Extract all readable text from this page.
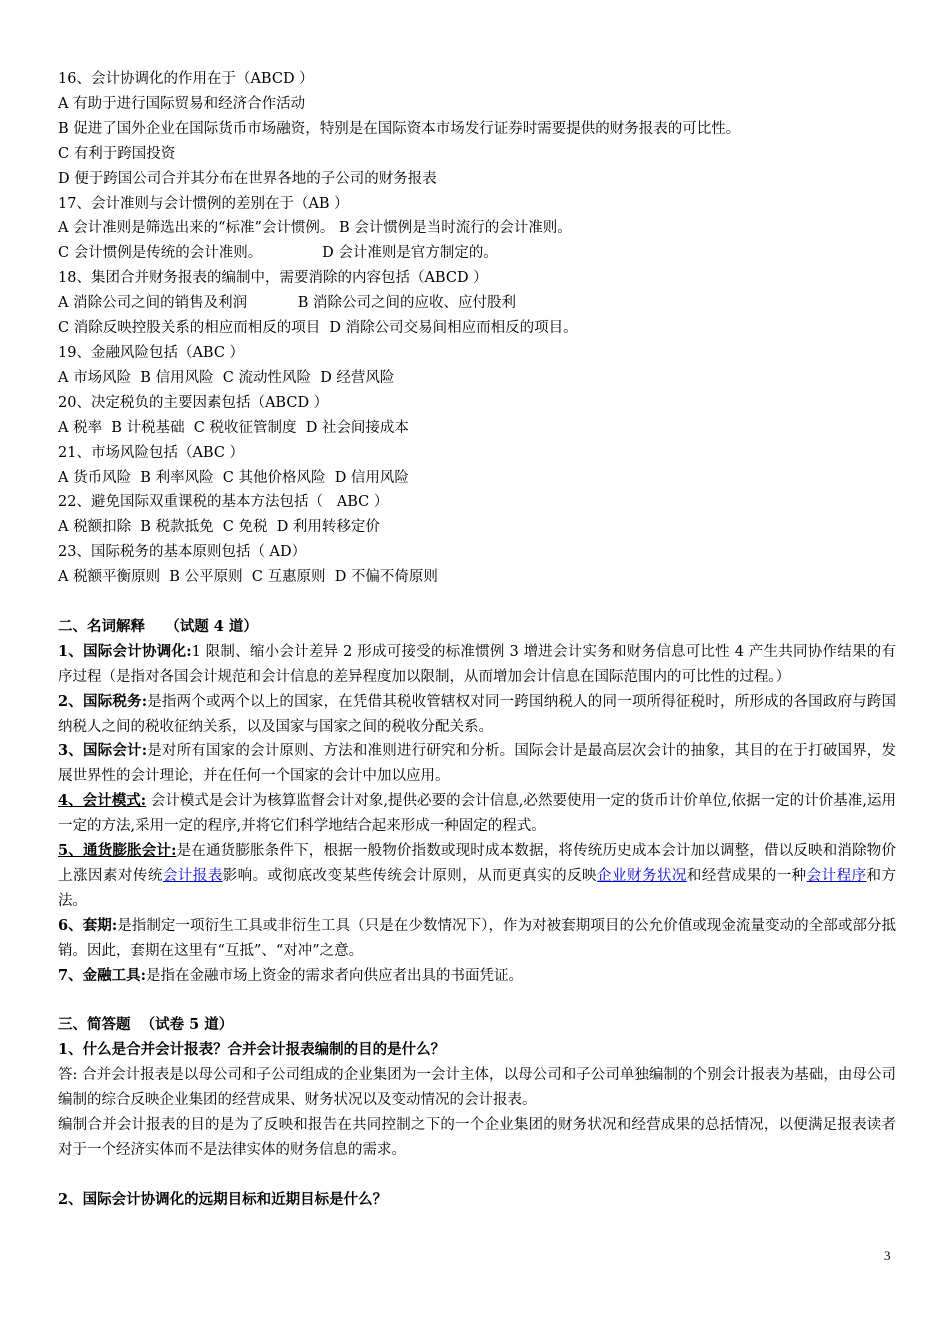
16、会计协调化的作用在于（ABCD ）
A 有助于进行国际贸易和经济合作活动
B 促进了国外企业在国际货币市场融资，特别是在国际资本市场发行证券时需要提供的财务报表的可比性。
C 有利于跨国投资
D 便于跨国公司合并其分布在世界各地的子公司的财务报表
17、会计准则与会计惯例的差别在于（AB ）
A 会计准则是筛选出来的“标准”会计惯例。 B 会计惯例是当时流行的会计准则。
C 会计惯例是传统的会计准则。             D 会计准则是官方制定的。
18、集团合并财务报表的编制中，需要消除的内容包括（ABCD ）
A 消除公司之间的销售及利润           B 消除公司之间的应收、应付股利
C 消除反映控股关系的相应而相反的项目  D 消除公司交易间相应而相反的项目。
19、金融风险包括（ABC ）
A 市场风险  B 信用风险  C 流动性风险  D 经营风险
20、决定税负的主要因素包括（ABCD ）
A 税率  B 计税基础  C 税收征管制度  D 社会间接成本
21、市场风险包括（ABC ）
A 货币风险  B 利率风险  C 其他价格风险  D 信用风险
22、避免国际双重课税的基本方法包括（   ABC ）
A 税额扣除  B 税款抵免  C 免税  D 利用转移定价
23、国际税务的基本原则包括（ AD）
A 税额平衡原则  B 公平原则  C 互惠原则  D 不偏不倚原则
二、名词解释    （试题 4 道）
1、国际会计协调化:1 限制、缩小会计差异 2 形成可接受的标准惯例 3 增进会计实务和财务信息可比性 4 产生共同协作结果的有序过程（是指对各国会计规范和会计信息的差异程度加以限制，从而增加会计信息在国际范围内的可比性的过程。）
2、国际税务:是指两个或两个以上的国家，在凭借其税收管辖权对同一跨国纳税人的同一项所得征税时，所形成的各国政府与跨国纳税人之间的税收征纳关系，以及国家与国家之间的税收分配关系。
3、国际会计:是对所有国家的会计原则、方法和准则进行研究和分析。国际会计是最高层次会计的抽象，其目的在于打破国界，发展世界性的会计理论，并在任何一个国家的会计中加以应用。
4、会计模式: 会计模式是会计为核算监督会计对象,提供必要的会计信息,必然要使用一定的货币计价单位,依据一定的计价基准,运用一定的方法,采用一定的程序,并将它们科学地结合起来形成一种固定的程式。
5、通货膨胀会计:是在通货膨胀条件下，根据一般物价指数或现时成本数据，将传统历史成本会计加以调整，借以反映和消除物价上涨因素对传统会计报表影响。或彻底改变某些传统会计原则，从而更真实的反映企业财务状况和经营成果的一种会计程序和方法。
6、套期:是指制定一项衍生工具或非衍生工具（只是在少数情况下），作为对被套期项目的公允价值或现金流量变动的全部或部分抵销。因此，套期在这里有“互抵”、“对冲”之意。
7、金融工具:是指在金融市场上资金的需求者向供应者出具的书面凭证。
三、简答题  （试卷 5 道）
1、什么是合并会计报表？合并会计报表编制的目的是什么？
答: 合并会计报表是以母公司和子公司组成的企业集团为一会计主体，以母公司和子公司单独编制的个别会计报表为基础，由母公司编制的综合反映企业集团的经营成果、财务状况以及变动情况的会计报表。
编制合并会计报表的目的是为了反映和报告在共同控制之下的一个企业集团的财务状况和经营成果的总括情况，以便满足报表读者对于一个经济实体而不是法律实体的财务信息的需求。
2、国际会计协调化的远期目标和近期目标是什么？
3
